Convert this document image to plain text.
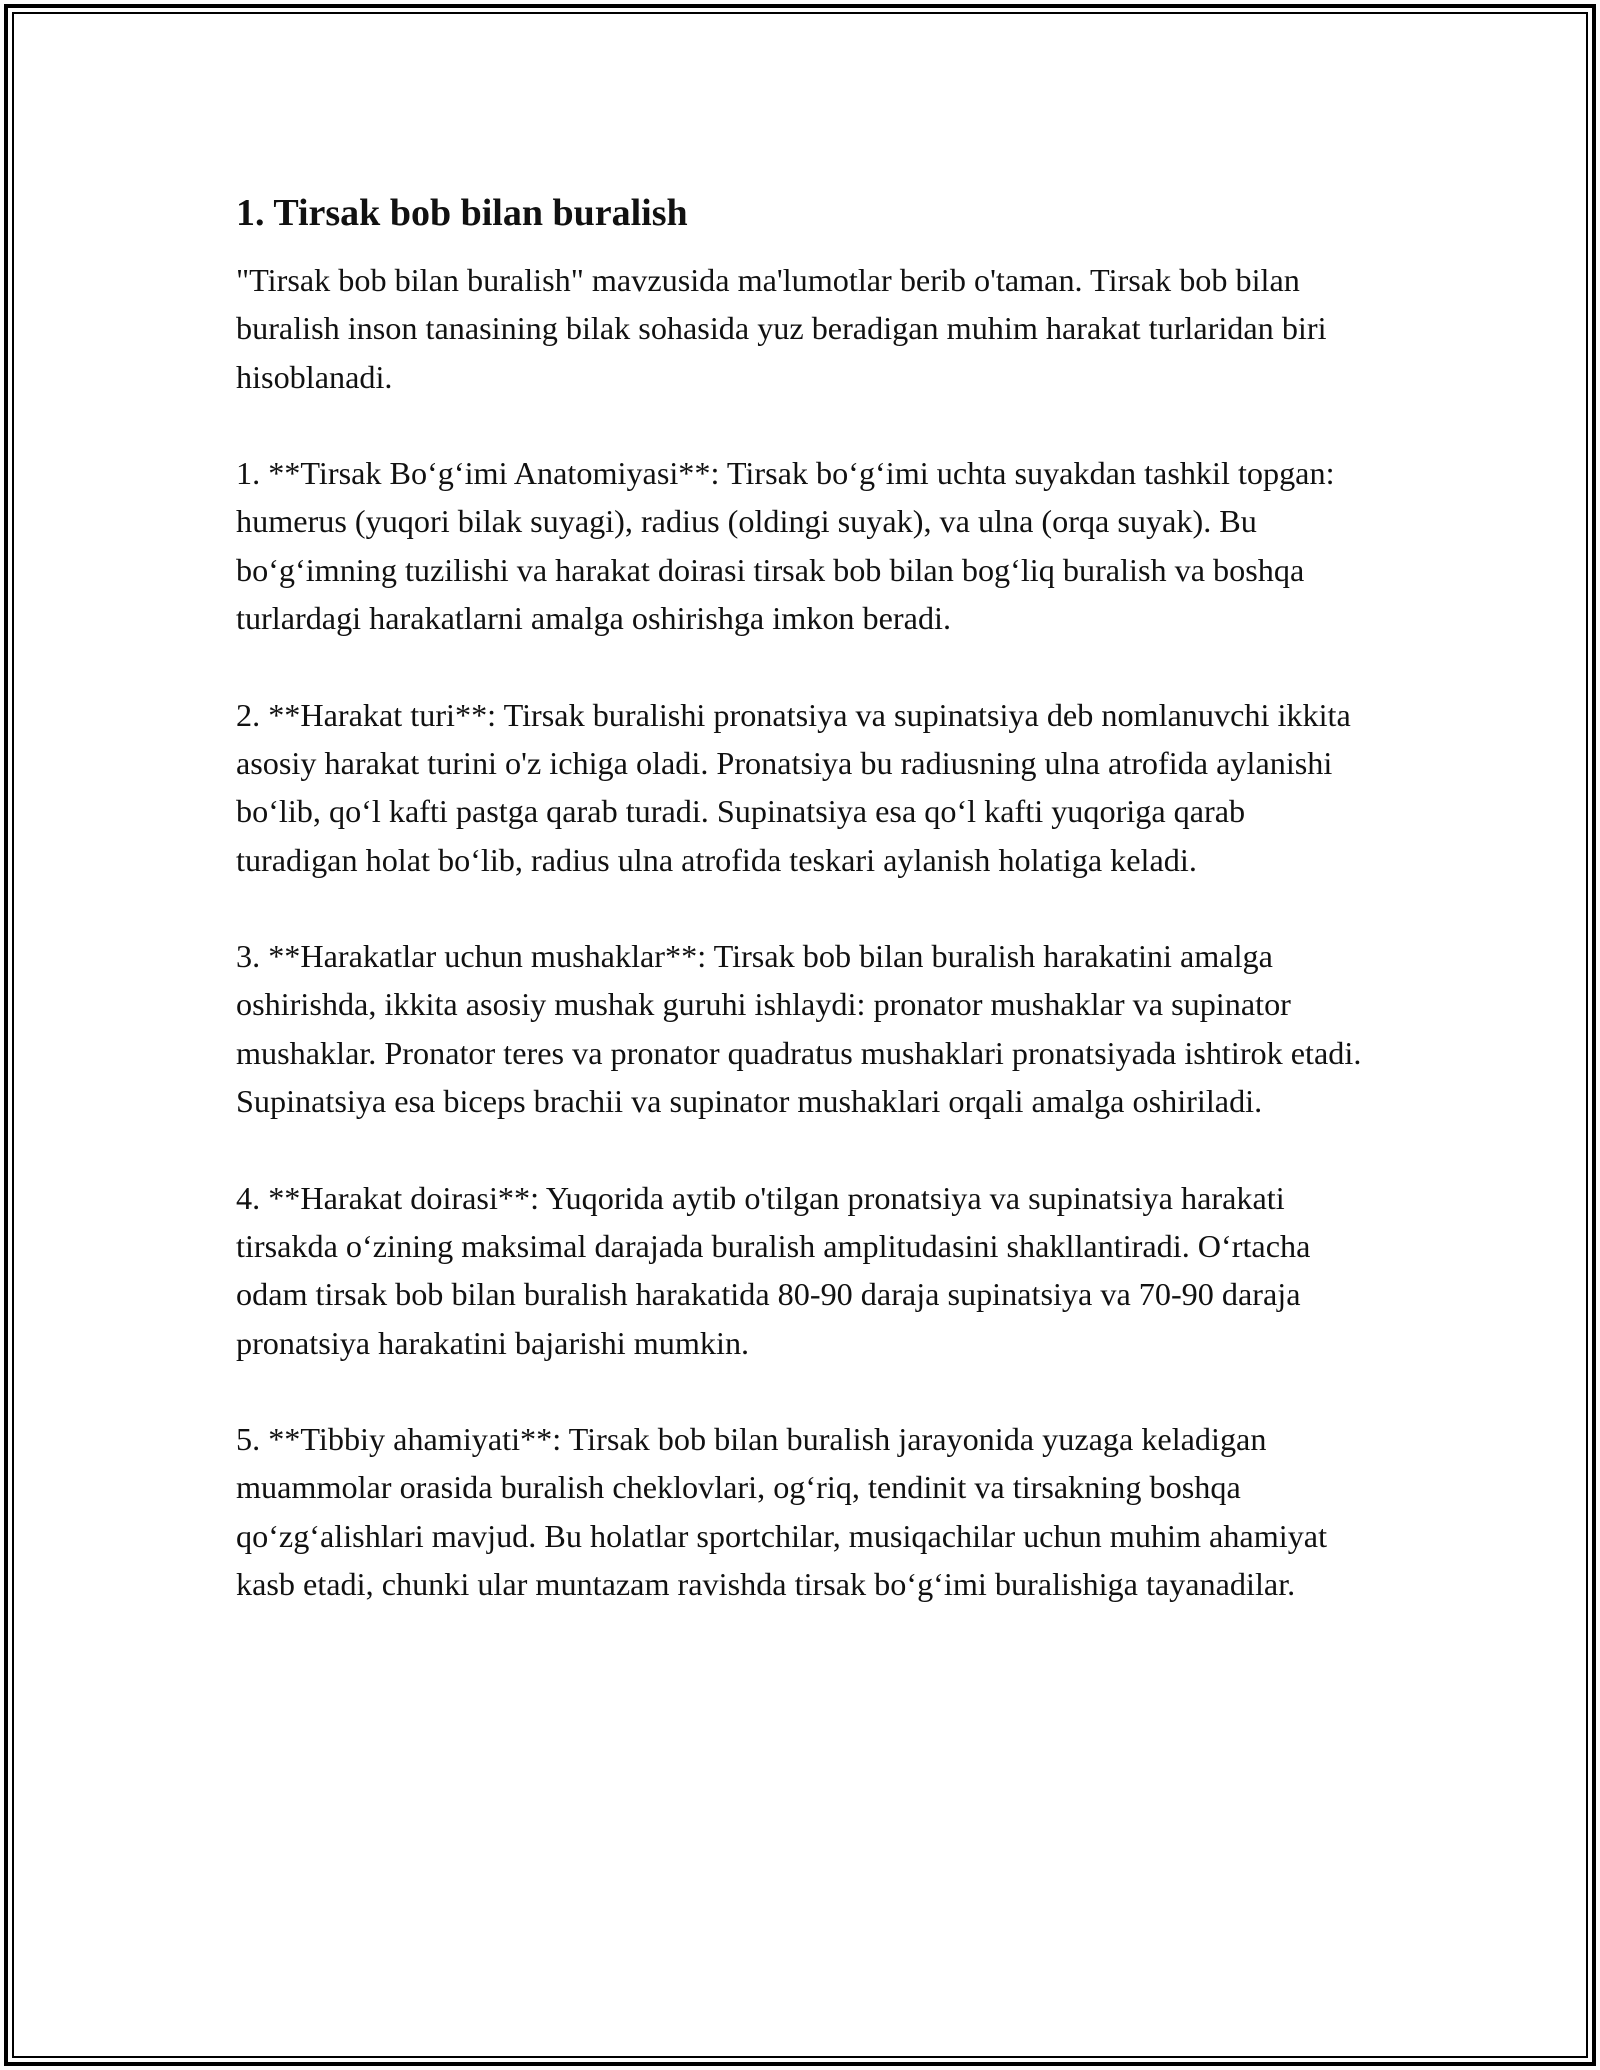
1. Tirsak bob bilan buralish

"Tirsak bob bilan buralish" mavzusida ma'lumotlar berib o'taman. Tirsak bob bilan buralish inson tanasining bilak sohasida yuz beradigan muhim harakat turlaridan biri hisoblanadi.

1. **Tirsak Boʻgʻimi Anatomiyasi**: Tirsak boʻgʻimi uchta suyakdan tashkil topgan: humerus (yuqori bilak suyagi), radius (oldingi suyak), va ulna (orqa suyak). Bu boʻgʻimning tuzilishi va harakat doirasi tirsak bob bilan bogʻliq buralish va boshqa turlardagi harakatlarni amalga oshirishga imkon beradi.

2. **Harakat turi**: Tirsak buralishi pronatsiya va supinatsiya deb nomlanuvchi ikkita asosiy harakat turini o'z ichiga oladi. Pronatsiya bu radiusning ulna atrofida aylanishi boʻlib, qoʻl kafti pastga qarab turadi. Supinatsiya esa qoʻl kafti yuqoriga qarab turadigan holat boʻlib, radius ulna atrofida teskari aylanish holatiga keladi.

3. **Harakatlar uchun mushaklar**: Tirsak bob bilan buralish harakatini amalga oshirishda, ikkita asosiy mushak guruhi ishlaydi: pronator mushaklar va supinator mushaklar. Pronator teres va pronator quadratus mushaklari pronatsiyada ishtirok etadi. Supinatsiya esa biceps brachii va supinator mushaklari orqali amalga oshiriladi.

4. **Harakat doirasi**: Yuqorida aytib o'tilgan pronatsiya va supinatsiya harakati tirsakda oʻzining maksimal darajada buralish amplitudasini shakllantiradi. Oʻrtacha odam tirsak bob bilan buralish harakatida 80-90 daraja supinatsiya va 70-90 daraja pronatsiya harakatini bajarishi mumkin.

5. **Tibbiy ahamiyati**: Tirsak bob bilan buralish jarayonida yuzaga keladigan muammolar orasida buralish cheklovlari, ogʻriq, tendinit va tirsakning boshqa qoʻzgʻalishlari mavjud. Bu holatlar sportchilar, musiqachilar uchun muhim ahamiyat kasb etadi, chunki ular muntazam ravishda tirsak boʻgʻimi buralishiga tayanadilar.
